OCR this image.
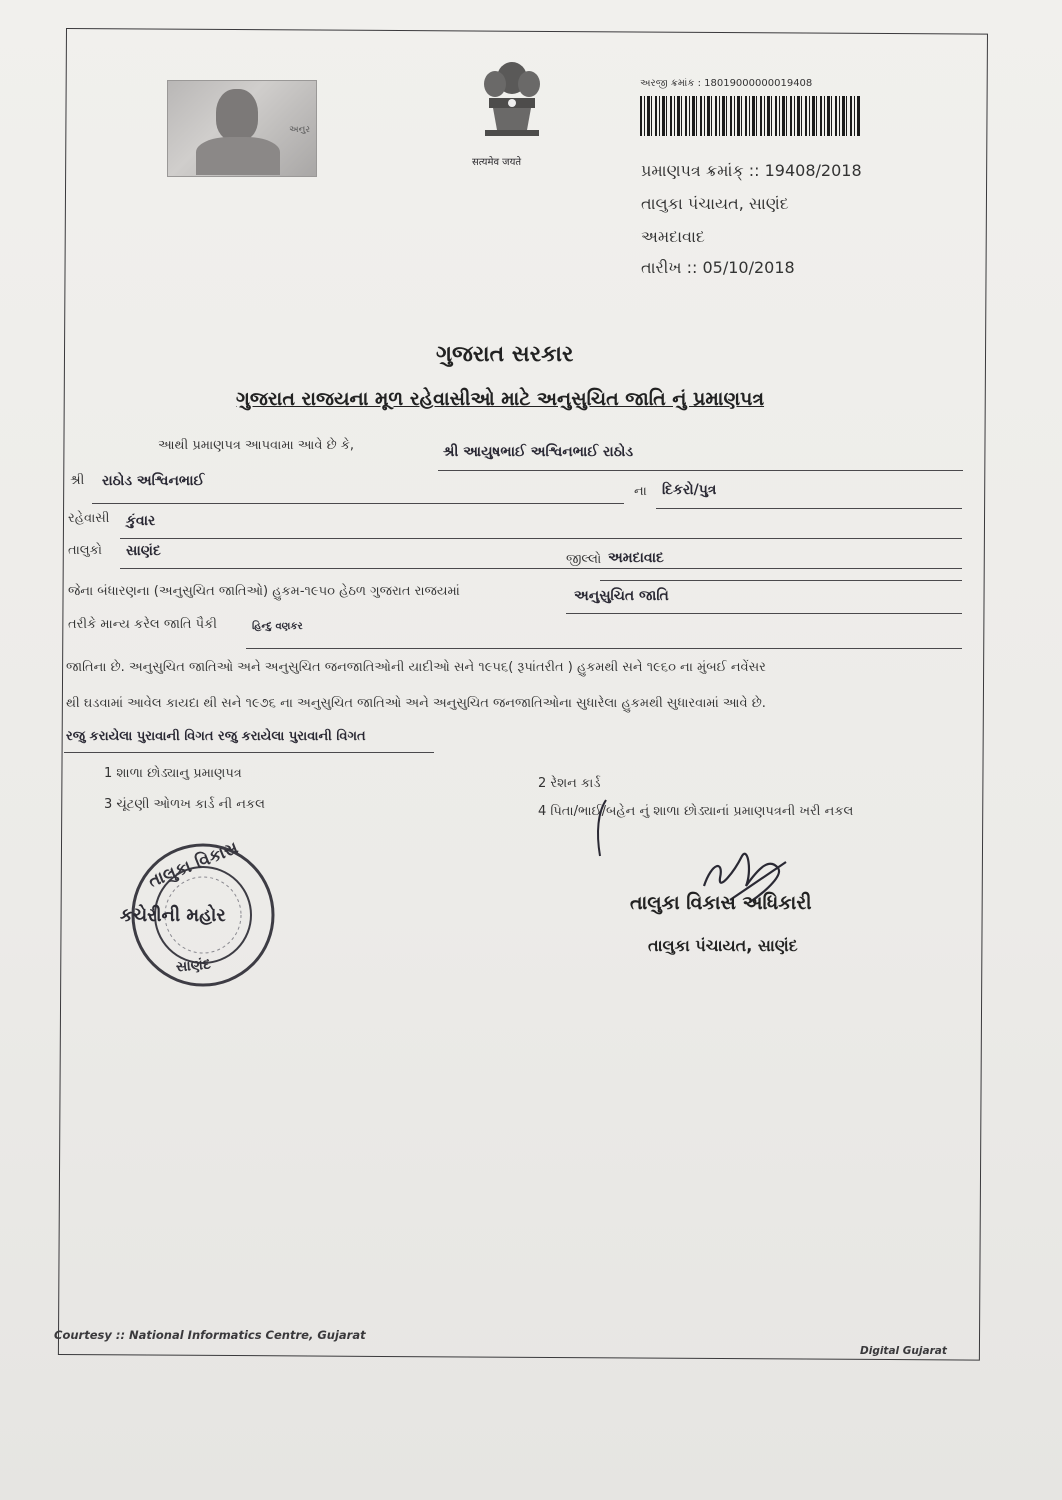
અનુર
सत्यमेव जयते
અરજી ક્રમાંક : 18019000000019408
પ્રમાણપત્ર ક્રમાંક્ :: 19408/2018
તાલુકા પંચાયત, સાણંદ
અમદાવાદ
તારીખ :: 05/10/2018
ગુજરાત સરકાર
ગુજરાત રાજયના મૂળ રહેવાસીઓ માટે અનુસુચિત જાતિ નું પ્રમાણપત્ર
આથી પ્રમાણપત્ર આપવામા આવે છે કે,	શ્રી આયુષભાઈ અશ્વિનભાઈ રાઠોડ
શ્રી રાઠોડ અશ્વિનભાઈ
ના દિકરો/પુત્ર
રહેવાસી કુંવાર
તાલુકો સાણંદ
જીલ્લો અમદાવાદ
જેના બંધારણના (અનુસુચિત જાતિઓ) હુકમ-૧૯૫૦ હેઠળ ગુજરાત રાજયમાં	અનુસુચિત જાતિ
તરીકે માન્ય કરેલ જાતિ પૈકી	હિન્દુ વણકર
જાતિના છે. અનુસુચિત જાતિઓ અને અનુસુચિત જનજાતિઓની યાદીઓ સને ૧૯૫૬( રૂપાંતરીત ) હુકમથી સને ૧૯૬૦ ના મુંબઈ નવેંસર
થી ઘડવામાં આવેલ કાયદા થી સને ૧૯૭૬ ના અનુસુચિત જાતિઓ અને અનુસુચિત જનજાતિઓના સુધારેલા હુકમથી સુધારવામાં આવે છે.
રજુ કરાયેલા પુરાવાની વિગત રજુ કરાયેલા પુરાવાની વિગત
1 શાળા છોડ્યાનુ પ્રમાણપત્ર
2 રેશન કાર્ડ
3 ચૂંટણી ઓળખ કાર્ડ ની નકલ	4 પિતા/ભાઈ/બહેન નું શાળા છોડ્યાનાં પ્રમાણપત્રની ખરી નકલ
તાલુકા વિકાસ
સાણંદ
કચેરીની મહોર
તાલુકા વિકાસ અધિકારી
તાલુકા પંચાયત, સાણંદ
Courtesy :: National Informatics Centre, Gujarat
Digital Gujarat
